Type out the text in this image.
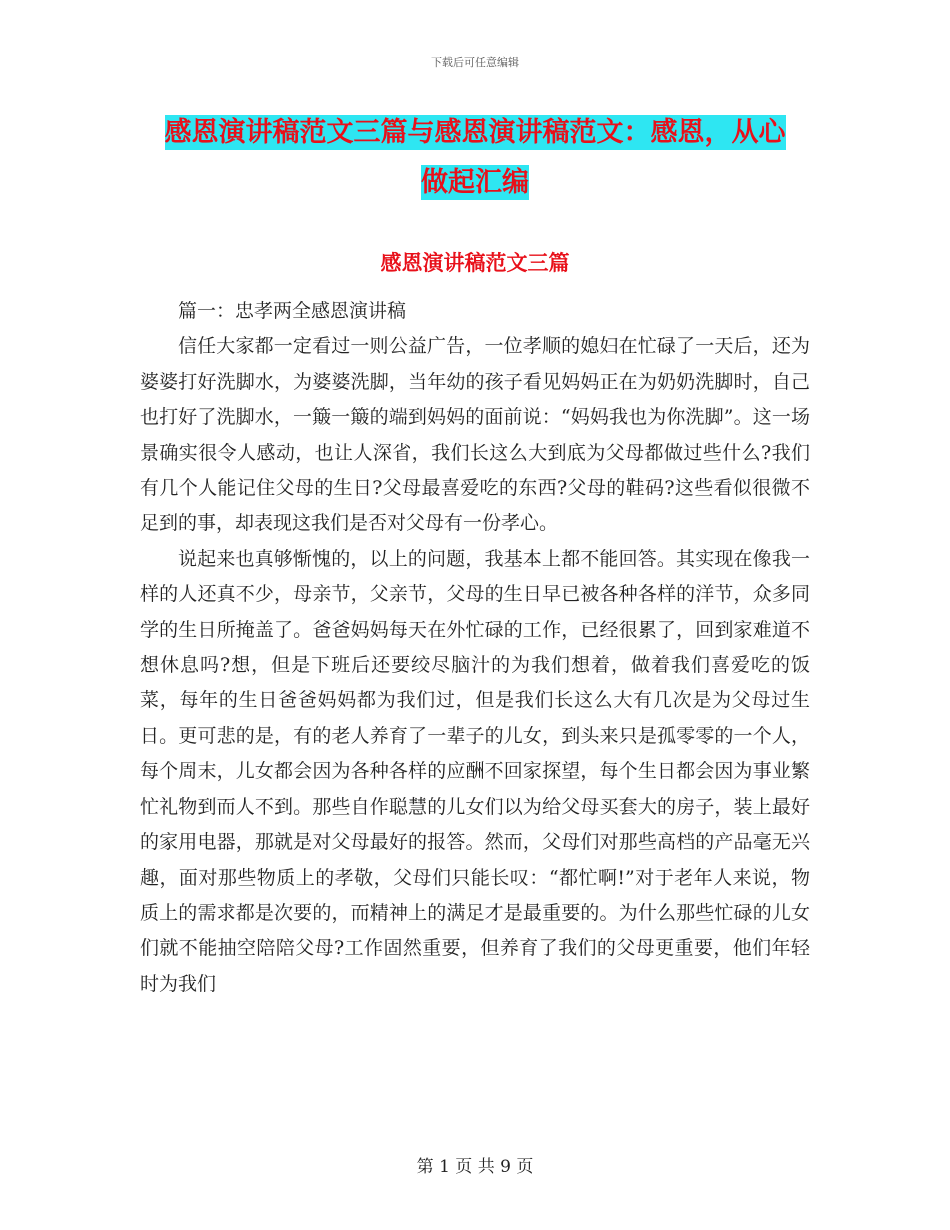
下载后可任意编辑
感恩演讲稿范文三篇与感恩演讲稿范文：感恩，从心
做起汇编
感恩演讲稿范文三篇

篇一：忠孝两全感恩演讲稿

信任大家都一定看过一则公益广告，一位孝顺的媳妇在忙碌了一天后，还为婆婆打好洗脚水，为婆婆洗脚，当年幼的孩子看见妈妈正在为奶奶洗脚时，自己也打好了洗脚水，一簸一簸的端到妈妈的面前说：“妈妈我也为你洗脚”。这一场景确实很令人感动，也让人深省，我们长这么大到底为父母都做过些什么?我们有几个人能记住父母的生日?父母最喜爱吃的东西?父母的鞋码?这些看似很微不足到的事，却表现这我们是否对父母有一份孝心。

说起来也真够惭愧的，以上的问题，我基本上都不能回答。其实现在像我一样的人还真不少，母亲节，父亲节，父母的生日早已被各种各样的洋节，众多同学的生日所掩盖了。爸爸妈妈每天在外忙碌的工作，已经很累了，回到家难道不想休息吗?想，但是下班后还要绞尽脑汁的为我们想着，做着我们喜爱吃的饭菜，每年的生日爸爸妈妈都为我们过，但是我们长这么大有几次是为父母过生日。更可悲的是，有的老人养育了一辈子的儿女，到头来只是孤零零的一个人，每个周末，儿女都会因为各种各样的应酬不回家探望，每个生日都会因为事业繁忙礼物到而人不到。那些自作聪慧的儿女们以为给父母买套大的房子，装上最好的家用电器，那就是对父母最好的报答。然而，父母们对那些高档的产品毫无兴趣，面对那些物质上的孝敬，父母们只能长叹：“都忙啊!”对于老年人来说，物质上的需求都是次要的，而精神上的满足才是最重要的。为什么那些忙碌的儿女们就不能抽空陪陪父母?工作固然重要，但养育了我们的父母更重要，他们年轻时为我们

第 1 页 共 9 页
